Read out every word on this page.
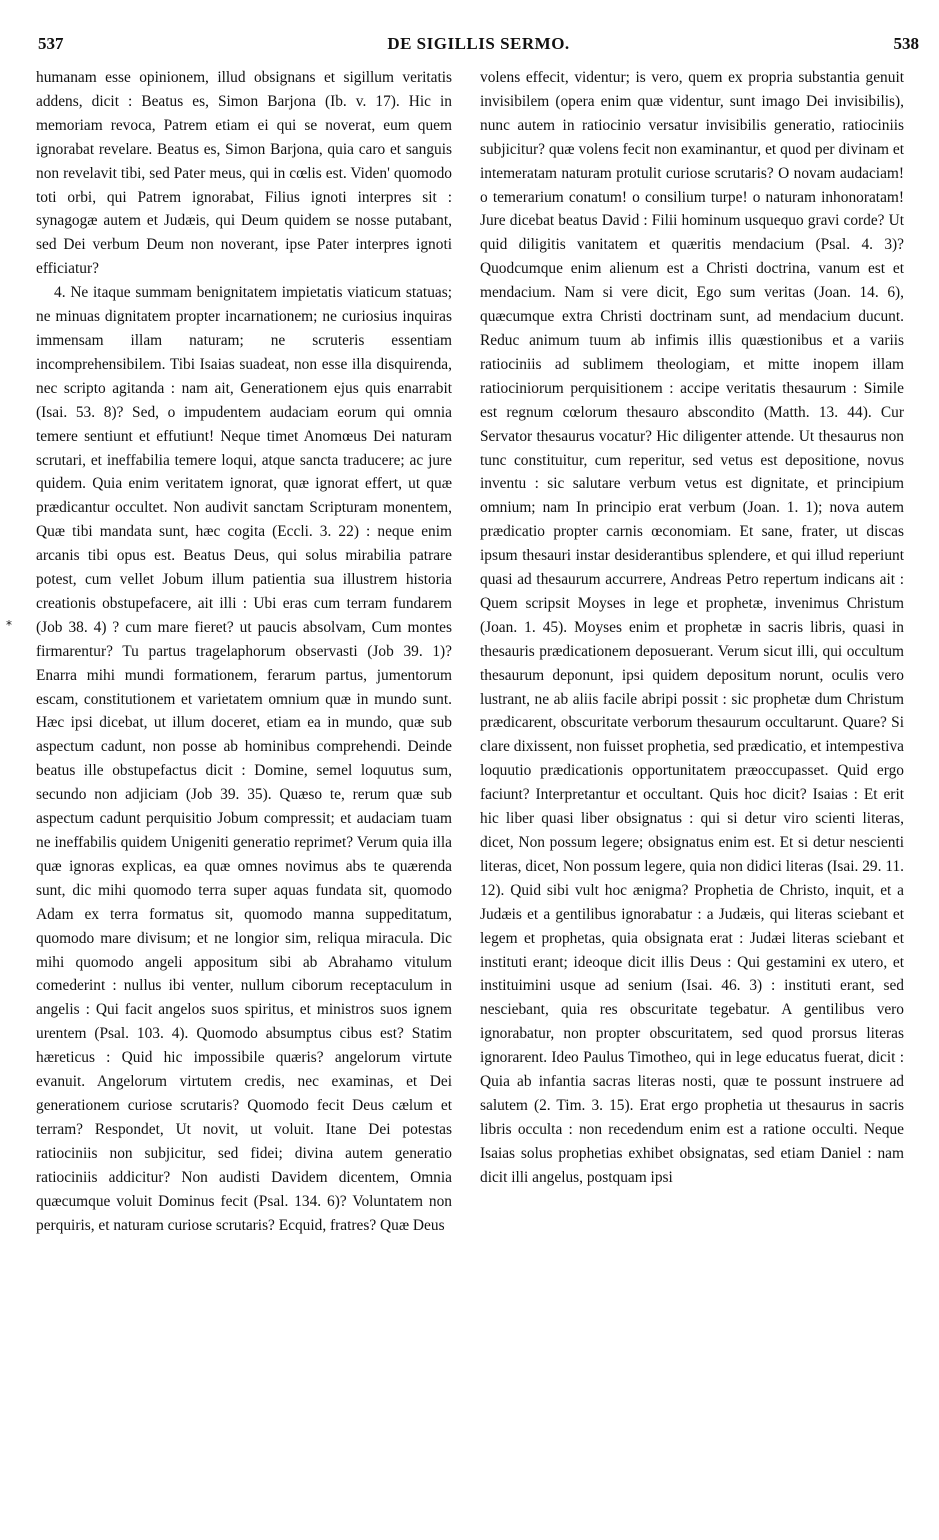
537	DE SIGILLIS SERMO.	538
*

humanam esse opinionem, illud obsignans et sigillum veritatis addens, dicit : Beatus es, Simon Barjona (Ib. v. 17). Hic in memoriam revoca, Patrem etiam ei qui se noverat, eum quem ignorabat revelare. Beatus es, Simon Barjona, quia caro et sanguis non revelavit tibi, sed Pater meus, qui in cœlis est. Viden' quomodo toti orbi, qui Patrem ignorabat, Filius ignoti interpres sit : synagogæ autem et Judæis, qui Deum quidem se nosse putabant, sed Dei verbum Deum non noverant, ipse Pater interpres ignoti efficiatur?

4. Ne itaque summam benignitatem impietatis viaticum statuas; ne minuas dignitatem propter incarnationem; ne curiosius inquiras immensam illam naturam; ne scruteris essentiam incomprehensibilem. Tibi Isaias suadeat, non esse illa disquirenda, nec scripto agitanda : nam ait, Generationem ejus quis enarrabit (Isai. 53. 8)? Sed, o impudentem audaciam eorum qui omnia temere sentiunt et effutiunt! Neque timet Anomœus Dei naturam scrutari, et ineffabilia temere loqui, atque sancta traducere; ac jure quidem. Quia enim veritatem ignorat, quæ ignorat effert, ut quæ prædicantur occultet. Non audivit sanctam Scripturam monentem, Quæ tibi mandata sunt, hæc cogita (Eccli. 3. 22) : neque enim arcanis tibi opus est. Beatus Deus, qui solus mirabilia patrare potest, cum vellet Jobum illum patientia sua illustrem historia creationis obstupefacere, ait illi : Ubi eras cum terram fundarem (Job 38. 4) ? cum mare fieret? ut paucis absolvam, Cum montes firmarentur? Tu partus tragelaphorum observasti (Job 39. 1)? Enarra mihi mundi formationem, ferarum partus, jumentorum escam, constitutionem et varietatem omnium quæ in mundo sunt. Hæc ipsi dicebat, ut illum doceret, etiam ea in mundo, quæ sub aspectum cadunt, non posse ab hominibus comprehendi. Deinde beatus ille obstupefactus dicit : Domine, semel loquutus sum, secundo non adjiciam (Job 39. 35). Quæso te, rerum quæ sub aspectum cadunt perquisitio Jobum compressit; et audaciam tuam ne ineffabilis quidem Unigeniti generatio reprimet? Verum quia illa quæ ignoras explicas, ea quæ omnes novimus abs te quærenda sunt, dic mihi quomodo terra super aquas fundata sit, quomodo Adam ex terra formatus sit, quomodo manna suppeditatum, quomodo mare divisum; et ne longior sim, reliqua miracula. Dic mihi quomodo angeli appositum sibi ab Abrahamo vitulum comederint : nullus ibi venter, nullum ciborum receptaculum in angelis : Qui facit angelos suos spiritus, et ministros suos ignem urentem (Psal. 103. 4). Quomodo absumptus cibus est? Statim hæreticus : Quid hic impossibile quæris? angelorum virtute evanuit. Angelorum virtutem credis, nec examinas, et Dei generationem curiose scrutaris? Quomodo fecit Deus cælum et terram? Respondet, Ut novit, ut voluit. Itane Dei potestas ratiociniis non subjicitur, sed fidei; divina autem generatio ratiociniis addicitur? Non audisti Davidem dicentem, Omnia quæcumque voluit Dominus fecit (Psal. 134. 6)? Voluntatem non perquiris, et naturam curiose scrutaris? Ecquid, fratres? Quæ Deus

volens effecit, videntur; is vero, quem ex propria substantia genuit invisibilem (opera enim quæ videntur, sunt imago Dei invisibilis), nunc autem in ratiocinio versatur invisibilis generatio, ratiociniis subjicitur? quæ volens fecit non examinantur, et quod per divinam et intemeratam naturam protulit curiose scrutaris? O novam audaciam! o temerarium conatum! o consilium turpe! o naturam inhonoratam! Jure dicebat beatus David : Filii hominum usquequo gravi corde? Ut quid diligitis vanitatem et quæritis mendacium (Psal. 4. 3)? Quodcumque enim alienum est a Christi doctrina, vanum est et mendacium. Nam si vere dicit, Ego sum veritas (Joan. 14. 6), quæcumque extra Christi doctrinam sunt, ad mendacium ducunt. Reduc animum tuum ab infimis illis quæstionibus et a variis ratiociniis ad sublimem theologiam, et mitte inopem illam ratiociniorum perquisitionem : accipe veritatis thesaurum : Simile est regnum cœlorum thesauro abscondito (Matth. 13. 44). Cur Servator thesaurus vocatur? Hic diligenter attende. Ut thesaurus non tunc constituitur, cum reperitur, sed vetus est depositione, novus inventu : sic salutare verbum vetus est dignitate, et principium omnium; nam In principio erat verbum (Joan. 1. 1); nova autem prædicatio propter carnis œconomiam. Et sane, frater, ut discas ipsum thesauri instar desiderantibus splendere, et qui illud reperiunt quasi ad thesaurum accurrere, Andreas Petro repertum indicans ait : Quem scripsit Moyses in lege et prophetæ, invenimus Christum (Joan. 1. 45). Moyses enim et prophetæ in sacris libris, quasi in thesauris prædicationem deposuerant. Verum sicut illi, qui occultum thesaurum deponunt, ipsi quidem depositum norunt, oculis vero lustrant, ne ab aliis facile abripi possit : sic prophetæ dum Christum prædicarent, obscuritate verborum thesaurum occultarunt. Quare? Si clare dixissent, non fuisset prophetia, sed prædicatio, et intempestiva loquutio prædicationis opportunitatem præoccupasset. Quid ergo faciunt? Interpretantur et occultant. Quis hoc dicit? Isaias : Et erit hic liber quasi liber obsignatus : qui si detur viro scienti literas, dicet, Non possum legere; obsignatus enim est. Et si detur nescienti literas, dicet, Non possum legere, quia non didici literas (Isai. 29. 11. 12). Quid sibi vult hoc ænigma? Prophetia de Christo, inquit, et a Judæis et a gentilibus ignorabatur : a Judæis, qui literas sciebant et legem et prophetas, quia obsignata erat : Judæi literas sciebant et instituti erant; ideoque dicit illis Deus : Qui gestamini ex utero, et instituimini usque ad senium (Isai. 46. 3) : instituti erant, sed nesciebant, quia res obscuritate tegebatur. A gentilibus vero ignorabatur, non propter obscuritatem, sed quod prorsus literas ignorarent. Ideo Paulus Timotheo, qui in lege educatus fuerat, dicit : Quia ab infantia sacras literas nosti, quæ te possunt instruere ad salutem (2. Tim. 3. 15). Erat ergo prophetia ut thesaurus in sacris libris occulta : non recedendum enim est a ratione occulti. Neque Isaias solus prophetias exhibet obsignatas, sed etiam Daniel : nam dicit illi angelus, postquam ipsi
